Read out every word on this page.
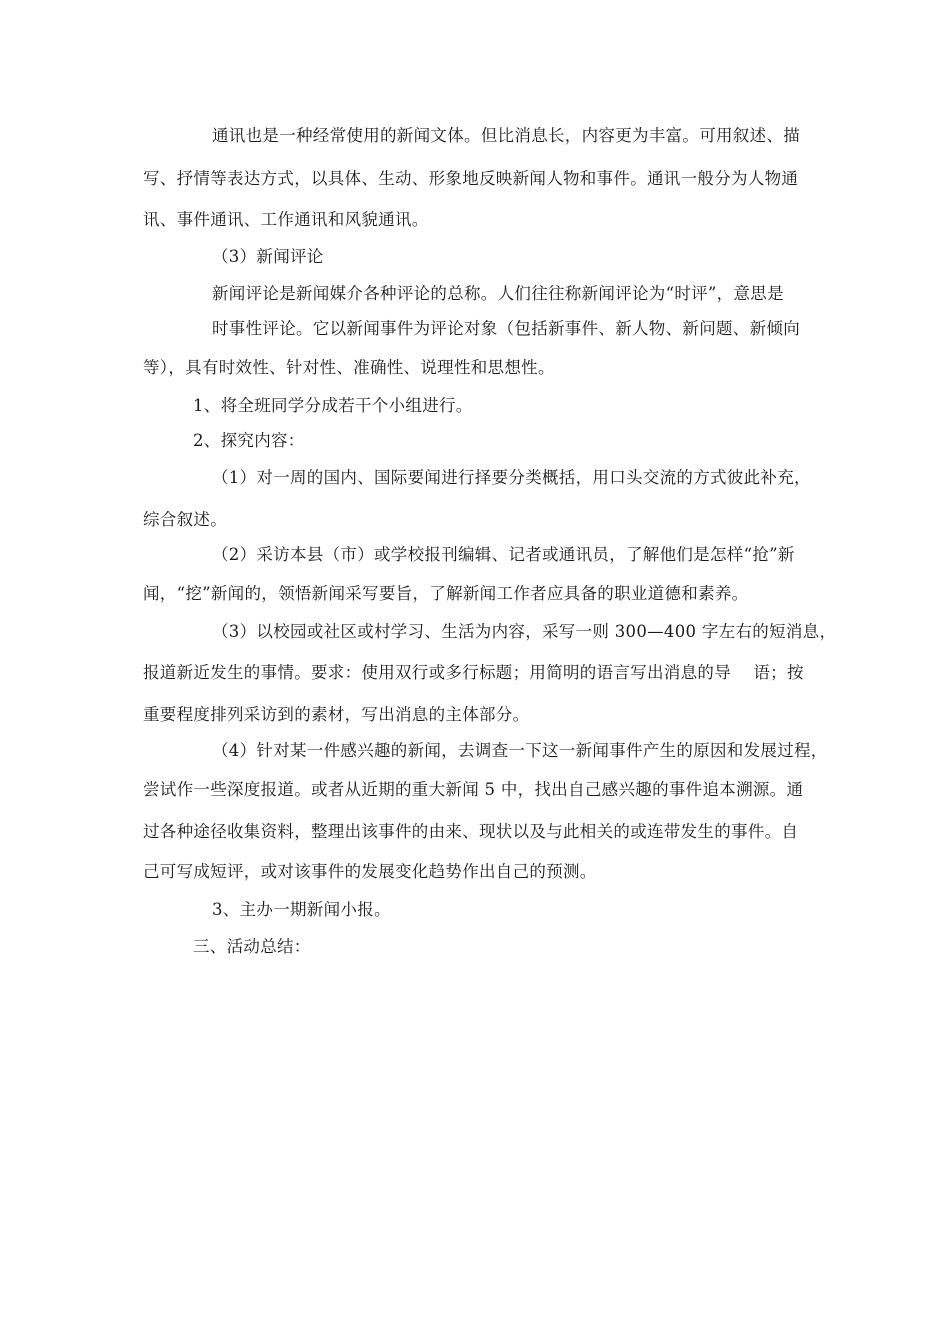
通讯也是一种经常使用的新闻文体。但比消息长，内容更为丰富。可用叙述、描
写、抒情等表达方式，以具体、生动、形象地反映新闻人物和事件。通讯一般分为人物通
讯、事件通讯、工作通讯和风貌通讯。
（3）新闻评论
新闻评论是新闻媒介各种评论的总称。人们往往称新闻评论为“时评”，意思是
时事性评论。它以新闻事件为评论对象（包括新事件、新人物、新问题、新倾向
等），具有时效性、针对性、准确性、说理性和思想性。
1、将全班同学分成若干个小组进行。
2、探究内容：
（1）对一周的国内、国际要闻进行择要分类概括，用口头交流的方式彼此补充，
综合叙述。
（2）采访本县（市）或学校报刊编辑、记者或通讯员，了解他们是怎样“抢”新
闻，“挖”新闻的，领悟新闻采写要旨，了解新闻工作者应具备的职业道德和素养。
（3）以校园或社区或村学习、生活为内容，采写一则 300—400 字左右的短消息，
报道新近发生的事情。要求：使用双行或多行标题；用简明的语言写出消息的导　 语；按
重要程度排列采访到的素材，写出消息的主体部分。
（4）针对某一件感兴趣的新闻，去调查一下这一新闻事件产生的原因和发展过程，
尝试作一些深度报道。或者从近期的重大新闻 5 中，找出自己感兴趣的事件追本溯源。通
过各种途径收集资料，整理出该事件的由来、现状以及与此相关的或连带发生的事件。自
己可写成短评，或对该事件的发展变化趋势作出自己的预测。
3、主办一期新闻小报。
三、活动总结：
